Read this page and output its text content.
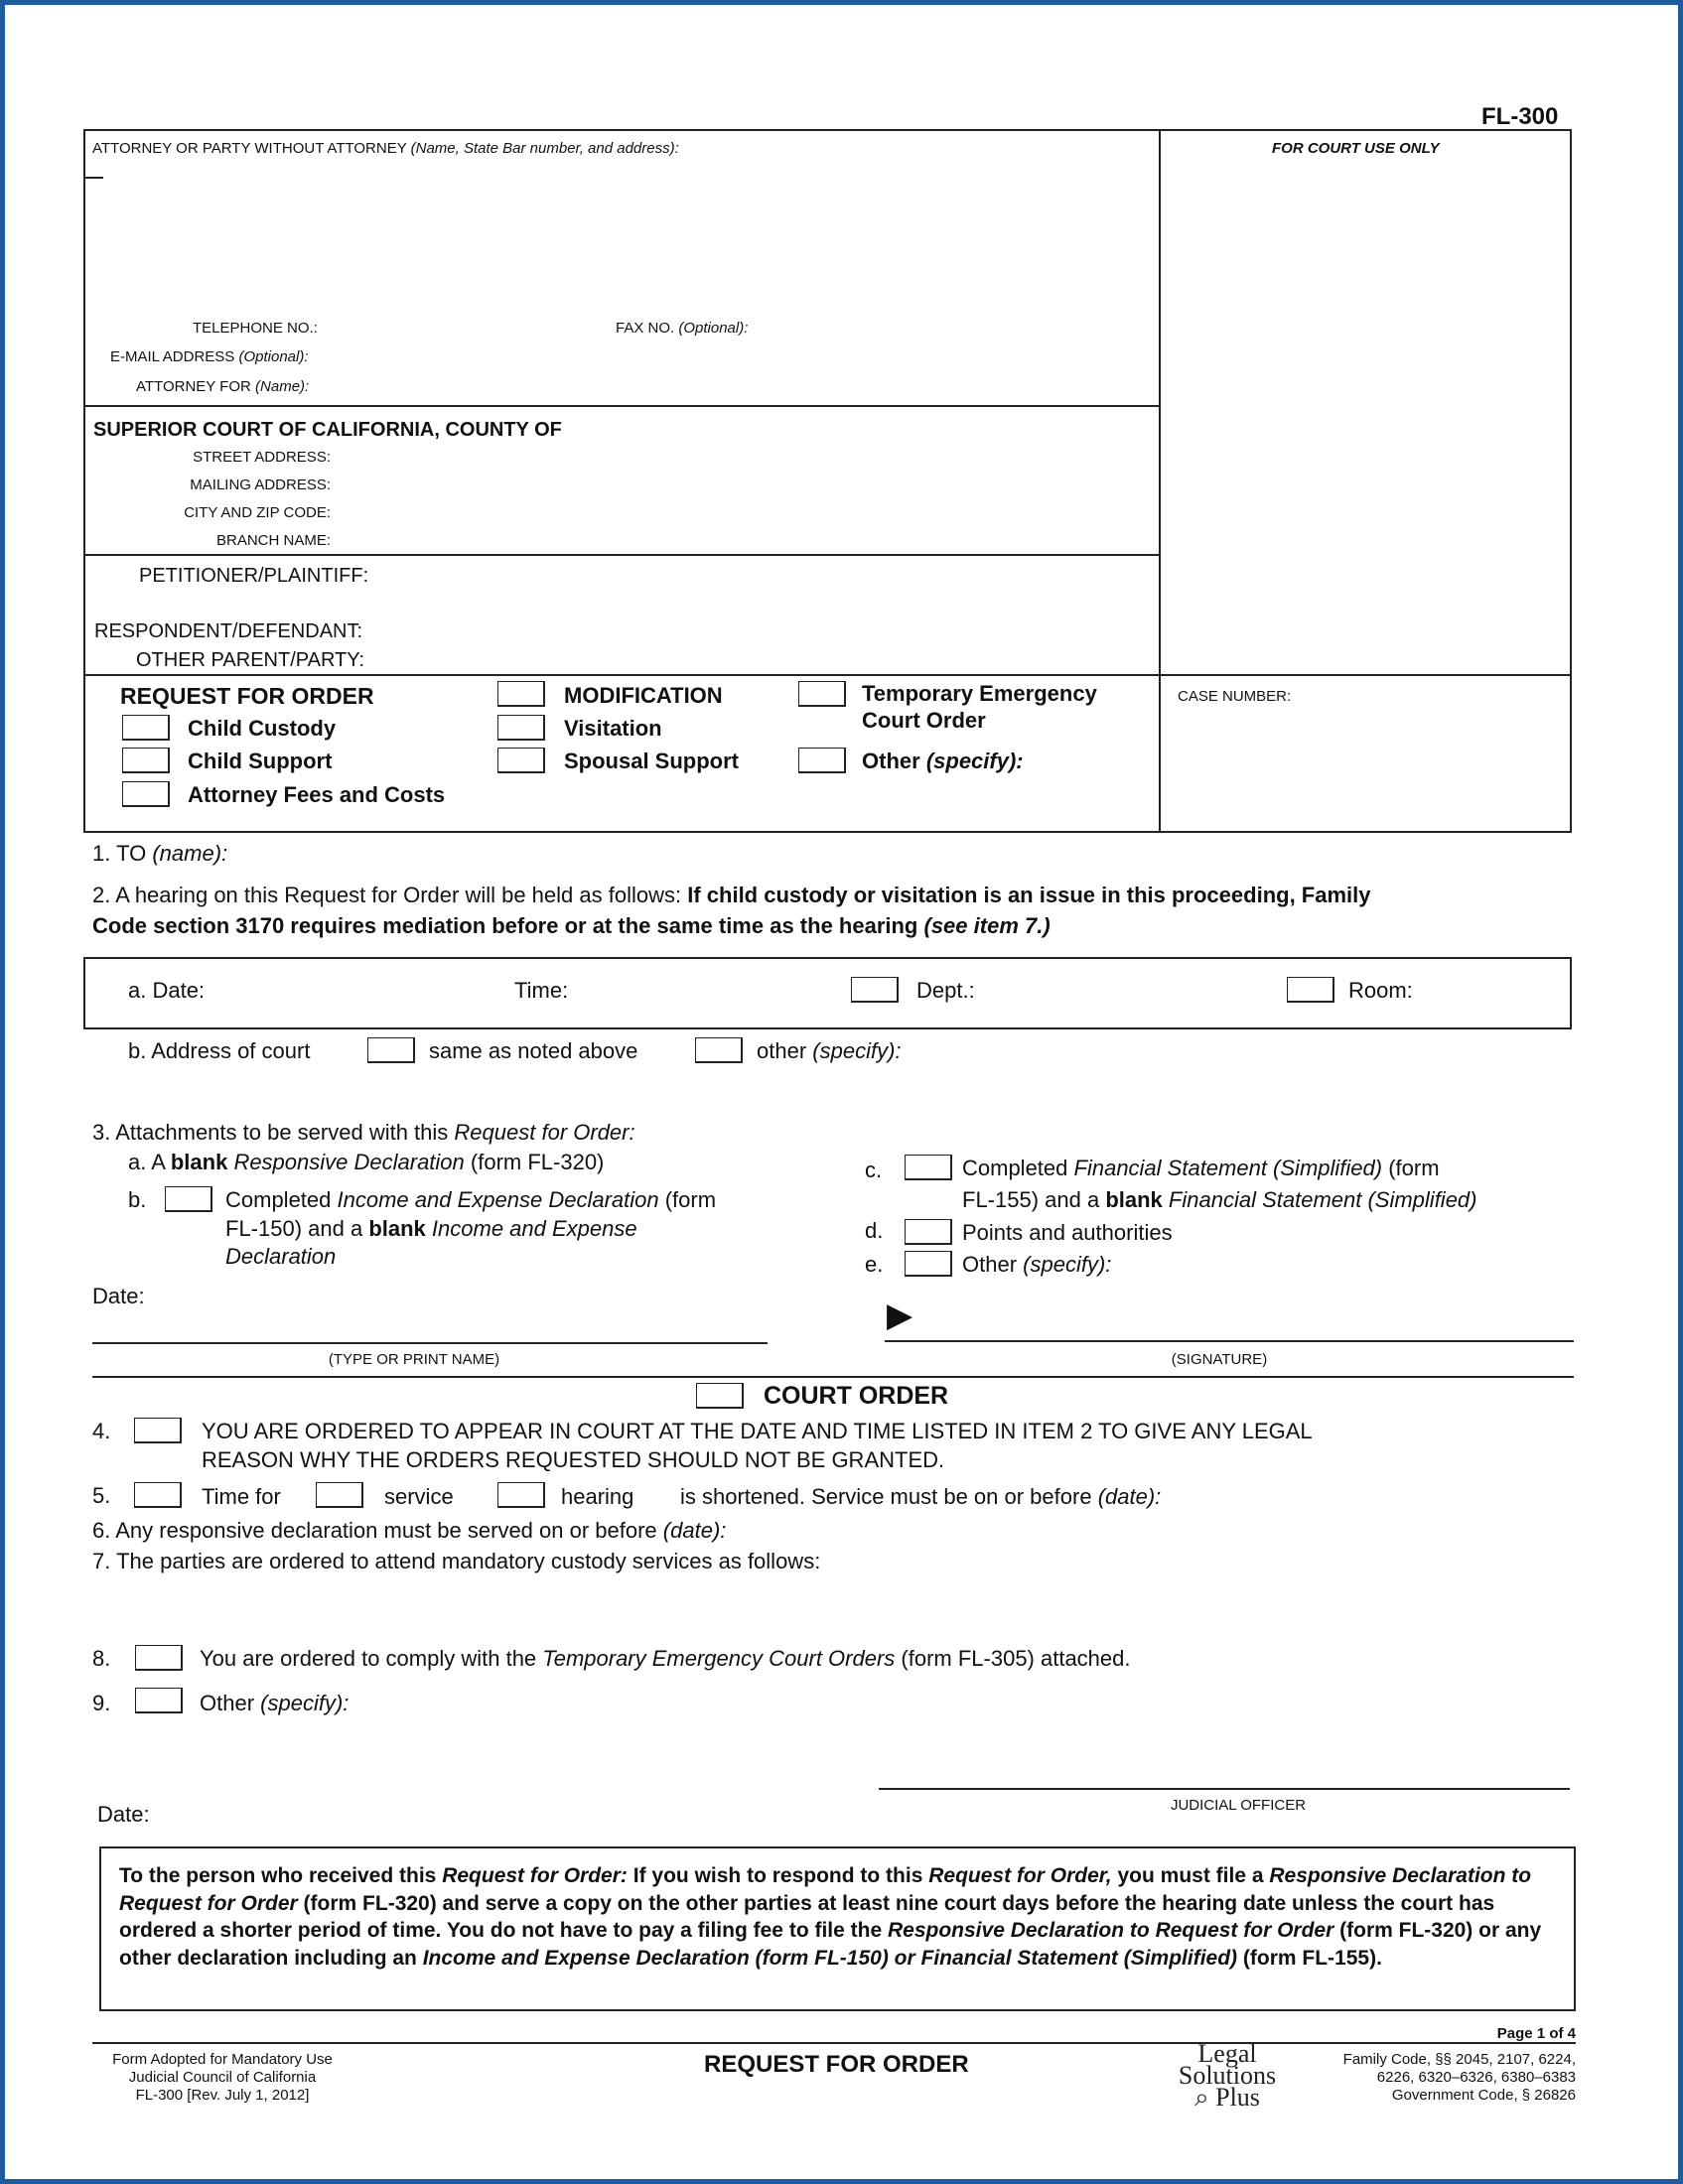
FL-300
ATTORNEY OR PARTY WITHOUT ATTORNEY (Name, State Bar number, and address):
TELEPHONE NO.:	FAX NO. (Optional):
E-MAIL ADDRESS (Optional):
ATTORNEY FOR (Name):
FOR COURT USE ONLY
SUPERIOR COURT OF CALIFORNIA, COUNTY OF
STREET ADDRESS:
MAILING ADDRESS:
CITY AND ZIP CODE:
BRANCH NAME:
PETITIONER/PLAINTIFF:
RESPONDENT/DEFENDANT:
OTHER PARENT/PARTY:
CASE NUMBER:
REQUEST FOR ORDER
Child Custody
Child Support
Attorney Fees and Costs
MODIFICATION
Visitation
Spousal Support
Temporary Emergency
Court Order
Other (specify):
1. TO (name):
2. A hearing on this Request for Order will be held as follows: If child custody or visitation is an issue in this proceeding, Family
Code section 3170 requires mediation before or at the same time as the hearing (see item 7.)
a. Date:	Time:	Dept.:	Room:
b. Address of court	same as noted above	other (specify):
3. Attachments to be served with this Request for Order:
a. A blank Responsive Declaration (form FL-320)
b.	Completed Income and Expense Declaration (form
FL-150) and a blank Income and Expense
Declaration
c.	Completed Financial Statement (Simplified) (form
FL-155) and a blank Financial Statement (Simplified)
d.	Points and authorities
e.	Other (specify):
Date:
▶
(TYPE OR PRINT NAME)	(SIGNATURE)
COURT ORDER
4.	YOU ARE ORDERED TO APPEAR IN COURT AT THE DATE AND TIME LISTED IN ITEM 2 TO GIVE ANY LEGAL
REASON WHY THE ORDERS REQUESTED SHOULD NOT BE GRANTED.
5.	Time for	service	hearing is shortened. Service must be on or before (date):
6. Any responsive declaration must be served on or before (date):
7. The parties are ordered to attend mandatory custody services as follows:
8.	You are ordered to comply with the Temporary Emergency Court Orders (form FL-305) attached.
9.	Other (specify):
JUDICIAL OFFICER
Date:
To the person who received this Request for Order: If you wish to respond to this Request for Order, you must file a Responsive Declaration to Request for Order (form FL-320) and serve a copy on the other parties at least nine court days before the hearing date unless the court has ordered a shorter period of time. You do not have to pay a filing fee to file the Responsive Declaration to Request for Order (form FL-320) or any other declaration including an Income and Expense Declaration (form FL-150) or Financial Statement (Simplified) (form FL-155).
Page 1 of 4
Form Adopted for Mandatory Use
Judicial Council of California
FL-300 [Rev. July 1, 2012]
REQUEST FOR ORDER	Legal
Solutions
⌕ Plus
Family Code, §§ 2045, 2107, 6224,
6226, 6320–6326, 6380–6383
Government Code, § 26826
